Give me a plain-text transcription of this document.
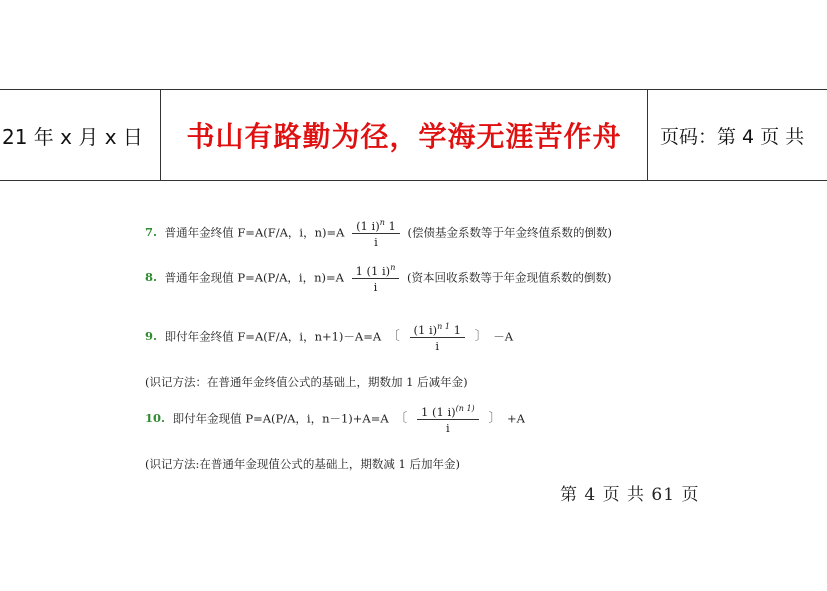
21 年 x 月 x 日 书山有路勤为径，学海无涯苦作舟 页码：第 4 页 共
7. 普通年金终值 F=A(F/A，i，$n)=A \frac{(1 i)^n 1}{i}$ (偿债基金系数等于年金终值系数的倒数)
8. 普通年金现值 P=A(P/A，i，$n)=A \frac{1 (1 i)^n}{i}$ (资本回收系数等于年金现值系数的倒数)
9. 即付年金终值 F=A(F/A，i，n+1)－A=A 〔 $\frac{(1 i)^{n 1} 1}{i}$ 〕 －A
(识记方法：在普通年金终值公式的基础上，期数加 1 后减年金)
10. 即付年金现值 P=A(P/A，i，n－1)+A=A 〔 $\frac{1 (1 i)^{(n 1)}}{i}$ 〕 +A
(识记方法:在普通年金现值公式的基础上，期数减 1 后加年金)
第 4 页 共 61 页
